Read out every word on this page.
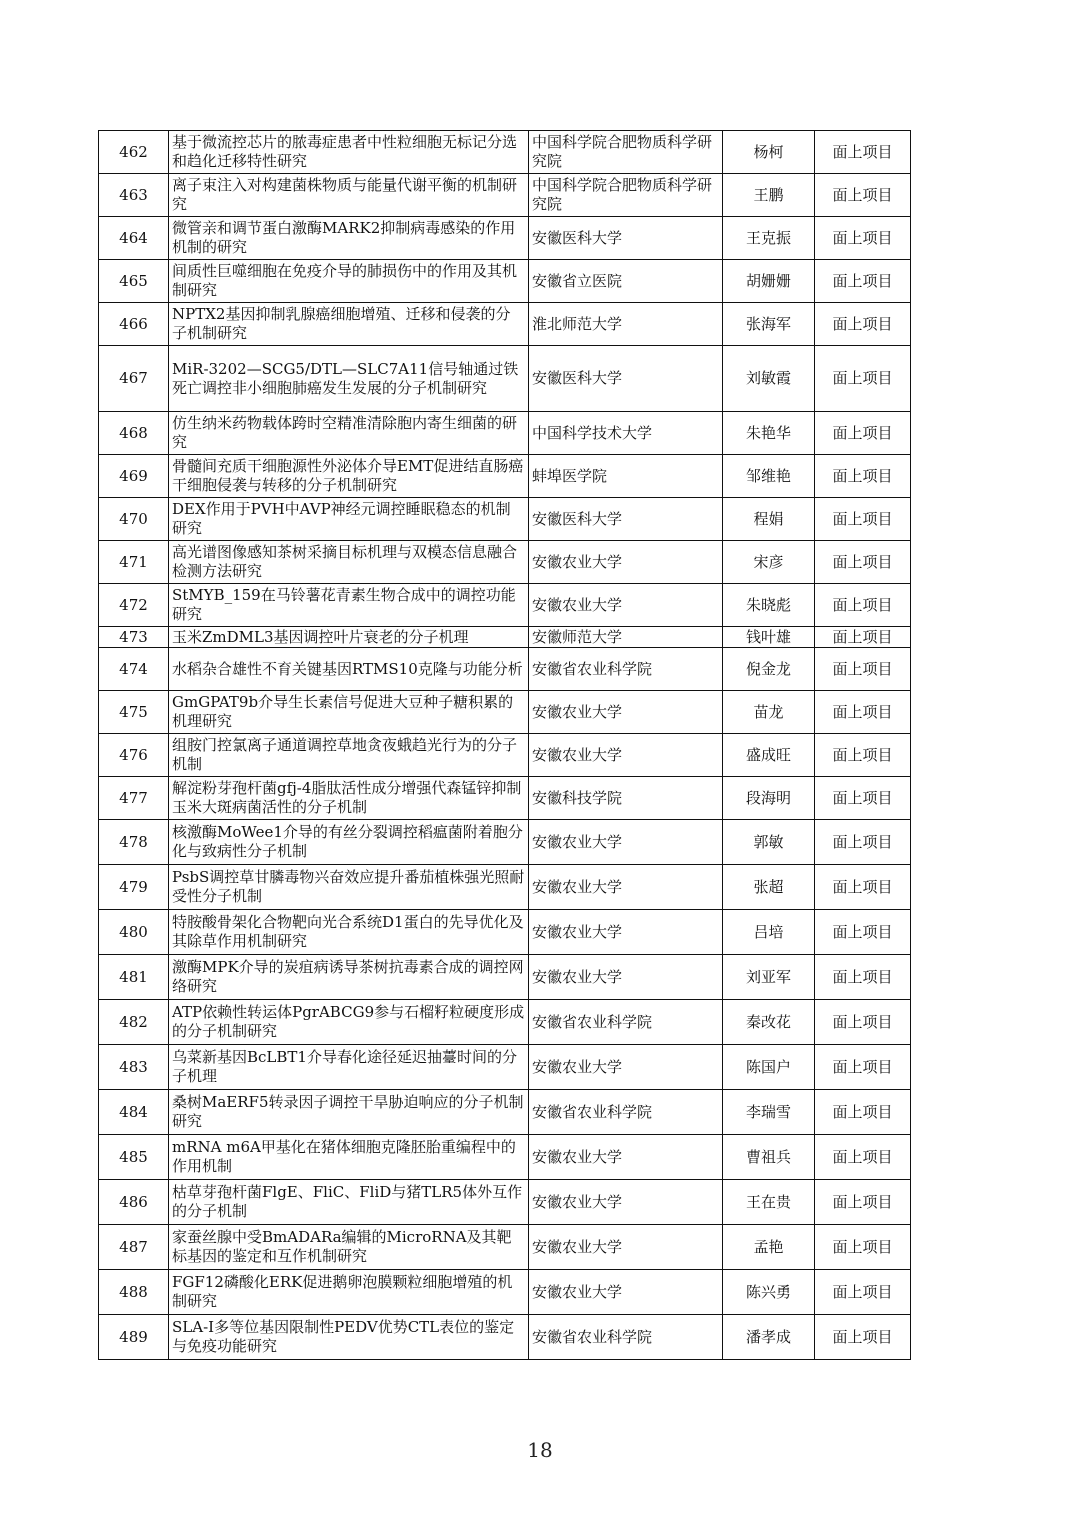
462	基于微流控芯片的脓毒症患者中性粒细胞无标记分选和趋化迁移特性研究	中国科学院合肥物质科学研究院	杨柯	面上项目
463	离子束注入对构建菌株物质与能量代谢平衡的机制研究	中国科学院合肥物质科学研究院	王鹏	面上项目
464	微管亲和调节蛋白激酶MARK2抑制病毒感染的作用机制的研究	安徽医科大学	王克振	面上项目
465	间质性巨噬细胞在免疫介导的肺损伤中的作用及其机制研究	安徽省立医院	胡姗姗	面上项目
466	NPTX2基因抑制乳腺癌细胞增殖、迁移和侵袭的分子机制研究	淮北师范大学	张海军	面上项目
467	MiR-3202—SCG5/DTL—SLC7A11信号轴通过铁死亡调控非小细胞肺癌发生发展的分子机制研究	安徽医科大学	刘敏霞	面上项目
468	仿生纳米药物载体跨时空精准清除胞内寄生细菌的研究	中国科学技术大学	朱艳华	面上项目
469	骨髓间充质干细胞源性外泌体介导EMT促进结直肠癌干细胞侵袭与转移的分子机制研究	蚌埠医学院	邹维艳	面上项目
470	DEX作用于PVH中AVP神经元调控睡眠稳态的机制研究	安徽医科大学	程娟	面上项目
471	高光谱图像感知茶树采摘目标机理与双模态信息融合检测方法研究	安徽农业大学	宋彦	面上项目
472	StMYB_159在马铃薯花青素生物合成中的调控功能研究	安徽农业大学	朱晓彪	面上项目
473	玉米ZmDML3基因调控叶片衰老的分子机理	安徽师范大学	钱叶雄	面上项目
474	水稻杂合雄性不育关键基因RTMS10克隆与功能分析	安徽省农业科学院	倪金龙	面上项目
475	GmGPAT9b介导生长素信号促进大豆种子糖积累的机理研究	安徽农业大学	苗龙	面上项目
476	组胺门控氯离子通道调控草地贪夜蛾趋光行为的分子机制	安徽农业大学	盛成旺	面上项目
477	解淀粉芽孢杆菌gfj-4脂肽活性成分增强代森锰锌抑制玉米大斑病菌活性的分子机制	安徽科技学院	段海明	面上项目
478	核激酶MoWee1介导的有丝分裂调控稻瘟菌附着胞分化与致病性分子机制	安徽农业大学	郭敏	面上项目
479	PsbS调控草甘膦毒物兴奋效应提升番茄植株强光照耐受性分子机制	安徽农业大学	张超	面上项目
480	特胺酸骨架化合物靶向光合系统D1蛋白的先导优化及其除草作用机制研究	安徽农业大学	吕培	面上项目
481	激酶MPK介导的炭疽病诱导茶树抗毒素合成的调控网络研究	安徽农业大学	刘亚军	面上项目
482	ATP依赖性转运体PgrABCG9参与石榴籽粒硬度形成的分子机制研究	安徽省农业科学院	秦改花	面上项目
483	乌菜新基因BcLBT1介导春化途径延迟抽薹时间的分子机理	安徽农业大学	陈国户	面上项目
484	桑树MaERF5转录因子调控干旱胁迫响应的分子机制研究	安徽省农业科学院	李瑞雪	面上项目
485	mRNA m6A甲基化在猪体细胞克隆胚胎重编程中的作用机制	安徽农业大学	曹祖兵	面上项目
486	枯草芽孢杆菌FlgE、FliC、FliD与猪TLR5体外互作的分子机制	安徽农业大学	王在贵	面上项目
487	家蚕丝腺中受BmADARa编辑的MicroRNA及其靶标基因的鉴定和互作机制研究	安徽农业大学	孟艳	面上项目
488	FGF12磷酸化ERK促进鹅卵泡膜颗粒细胞增殖的机制研究	安徽农业大学	陈兴勇	面上项目
489	SLA-I多等位基因限制性PEDV优势CTL表位的鉴定与免疫功能研究	安徽省农业科学院	潘孝成	面上项目
18
